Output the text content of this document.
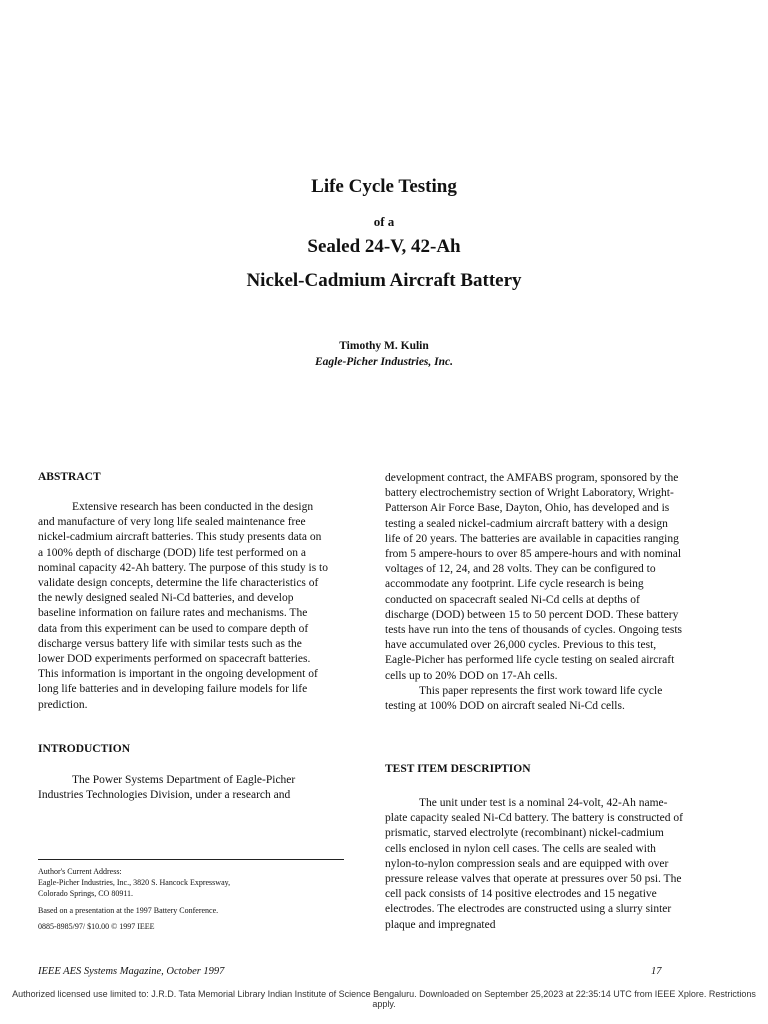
Life Cycle Testing
of a
Sealed 24-V, 42-Ah
Nickel-Cadmium Aircraft Battery
Timothy M. Kulin
Eagle-Picher Industries, Inc.
ABSTRACT

Extensive research has been conducted in the design and manufacture of very long life sealed maintenance free nickel-cadmium aircraft batteries. This study presents data on a 100% depth of discharge (DOD) life test performed on a nominal capacity 42-Ah battery. The purpose of this study is to validate design concepts, determine the life characteristics of the newly designed sealed Ni-Cd batteries, and develop baseline information on failure rates and mechanisms. The data from this experiment can be used to compare depth of discharge versus battery life with similar tests such as the lower DOD experiments performed on spacecraft batteries. This information is important in the ongoing development of long life batteries and in developing failure models for life prediction.

INTRODUCTION

The Power Systems Department of Eagle-Picher Industries Technologies Division, under a research and

Author's Current Address:
Eagle-Picher Industries, Inc., 3820 S. Hancock Expressway,
Colorado Springs, CO 80911.
Based on a presentation at the 1997 Battery Conference.
0885-8985/97/ $10.00 © 1997 IEEE

development contract, the AMFABS program, sponsored by the battery electrochemistry section of Wright Laboratory, Wright-Patterson Air Force Base, Dayton, Ohio, has developed and is testing a sealed nickel-cadmium aircraft battery with a design life of 20 years. The batteries are available in capacities ranging from 5 ampere-hours to over 85 ampere-hours and with nominal voltages of 12, 24, and 28 volts. They can be configured to accommodate any footprint. Life cycle research is being conducted on spacecraft sealed Ni-Cd cells at depths of discharge (DOD) between 15 to 50 percent DOD. These battery tests have run into the tens of thousands of cycles. Ongoing tests have accumulated over 26,000 cycles. Previous to this test, Eagle-Picher has performed life cycle testing on sealed aircraft cells up to 20% DOD on 17-Ah cells.

This paper represents the first work toward life cycle testing at 100% DOD on aircraft sealed Ni-Cd cells.

TEST ITEM DESCRIPTION

The unit under test is a nominal 24-volt, 42-Ah name-plate capacity sealed Ni-Cd battery. The battery is constructed of prismatic, starved electrolyte (recombinant) nickel-cadmium cells enclosed in nylon cell cases. The cells are sealed with nylon-to-nylon compression seals and are equipped with over pressure release valves that operate at pressures over 50 psi. The cell pack consists of 14 positive electrodes and 15 negative electrodes. The electrodes are constructed using a slurry sinter plaque and impregnated

IEEE AES Systems Magazine, October 1997	17
Authorized licensed use limited to: J.R.D. Tata Memorial Library Indian Institute of Science Bengaluru. Downloaded on September 25,2023 at 22:35:14 UTC from IEEE Xplore. Restrictions apply.
